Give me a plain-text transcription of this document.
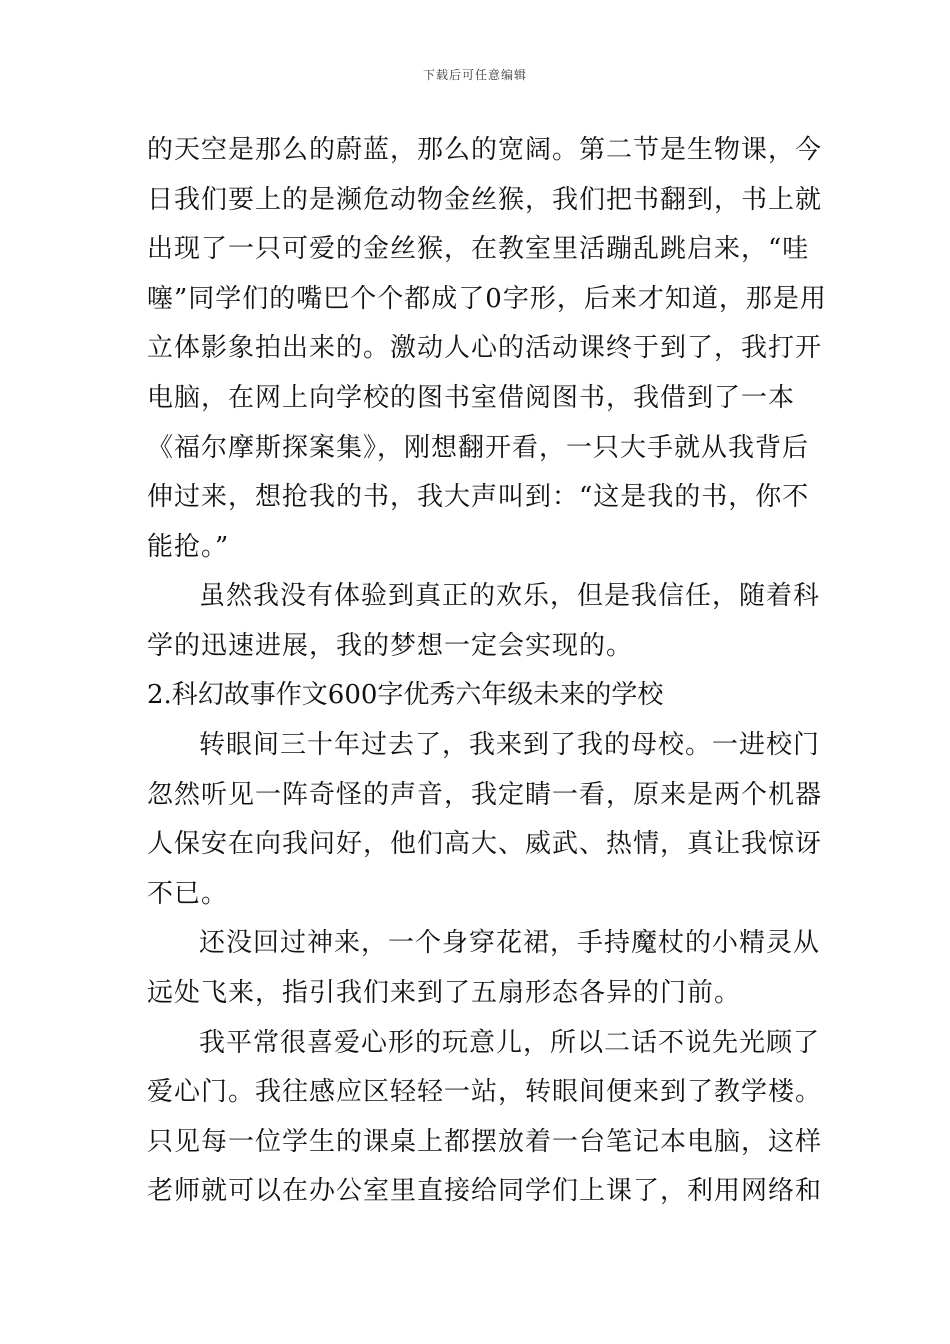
下载后可任意编辑
的天空是那么的蔚蓝，那么的宽阔。第二节是生物课，今
日我们要上的是濒危动物金丝猴，我们把书翻到，书上就
出现了一只可爱的金丝猴，在教室里活蹦乱跳启来，“哇
噻”同学们的嘴巴个个都成了0字形，后来才知道，那是用
立体影象拍出来的。激动人心的活动课终于到了，我打开
电脑，在网上向学校的图书室借阅图书，我借到了一本
《福尔摩斯探案集》，刚想翻开看，一只大手就从我背后
伸过来，想抢我的书，我大声叫到：“这是我的书，你不
能抢。”
虽然我没有体验到真正的欢乐，但是我信任，随着科
学的迅速进展，我的梦想一定会实现的。
2.科幻故事作文600字优秀六年级未来的学校
转眼间三十年过去了，我来到了我的母校。一进校门
忽然听见一阵奇怪的声音，我定睛一看，原来是两个机器
人保安在向我问好，他们高大、威武、热情，真让我惊讶
不已。
还没回过神来，一个身穿花裙，手持魔杖的小精灵从
远处飞来，指引我们来到了五扇形态各异的门前。
我平常很喜爱心形的玩意儿，所以二话不说先光顾了
爱心门。我往感应区轻轻一站，转眼间便来到了教学楼。
只见每一位学生的课桌上都摆放着一台笔记本电脑，这样
老师就可以在办公室里直接给同学们上课了，利用网络和
